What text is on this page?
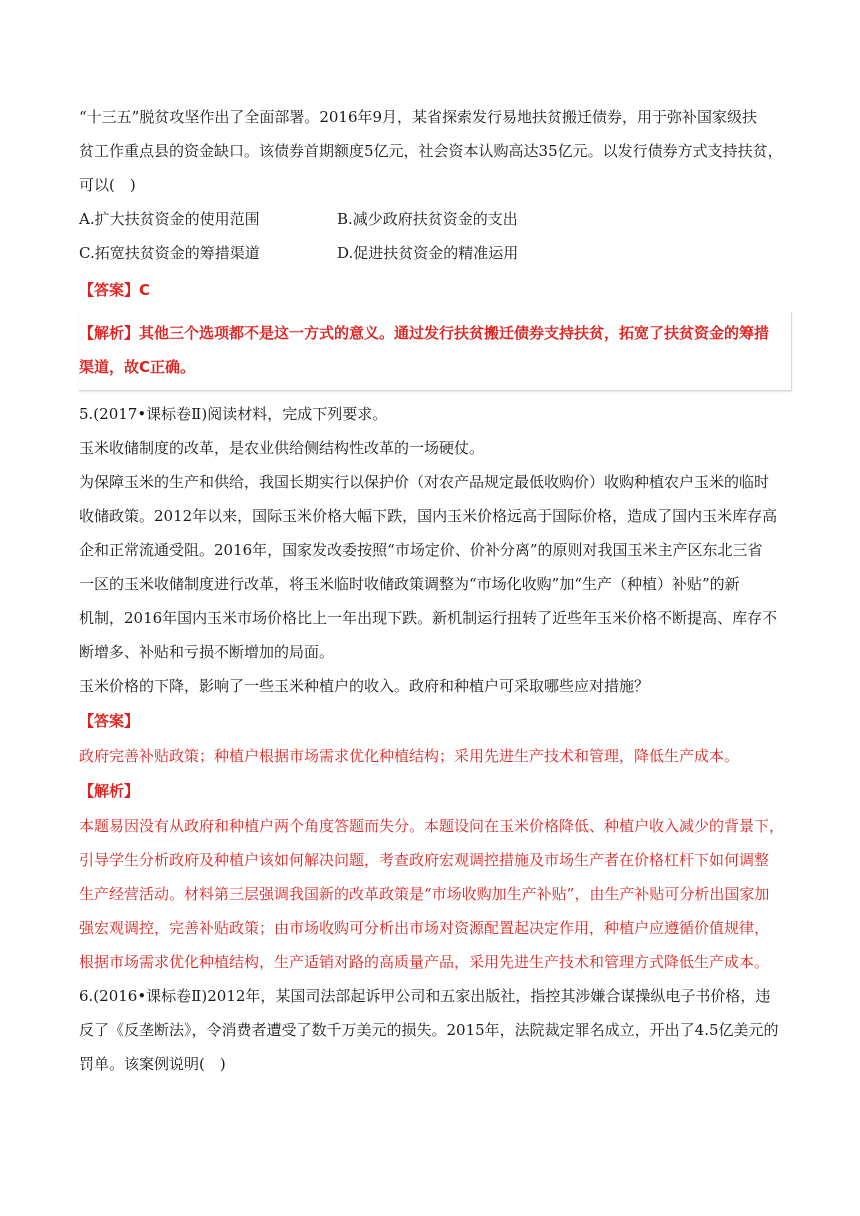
“十三五”脱贫攻坚作出了全面部署。2016年9月，某省探索发行易地扶贫搬迁债券，用于弥补国家级扶

贫工作重点县的资金缺口。该债券首期额度5亿元，社会资本认购高达35亿元。以发行债券方式支持扶贫，

可以(　)

A.扩大扶贫资金的使用范围	B.减少政府扶贫资金的支出
C.拓宽扶贫资金的筹措渠道	D.促进扶贫资金的精准运用

【答案】C

【解析】其他三个选项都不是这一方式的意义。通过发行扶贫搬迁债券支持扶贫，拓宽了扶贫资金的筹措

渠道，故C正确。

5.(2017•课标卷Ⅱ)阅读材料，完成下列要求。

玉米收储制度的改革，是农业供给侧结构性改革的一场硬仗。

为保障玉米的生产和供给，我国长期实行以保护价（对农产品规定最低收购价）收购种植农户玉米的临时

收储政策。2012年以来，国际玉米价格大幅下跌，国内玉米价格远高于国际价格，造成了国内玉米库存高

企和正常流通受阻。2016年，国家发改委按照“市场定价、价补分离”的原则对我国玉米主产区东北三省

一区的玉米收储制度进行改革，将玉米临时收储政策调整为“市场化收购”加“生产（种植）补贴”的新

机制，2016年国内玉米市场价格比上一年出现下跌。新机制运行扭转了近些年玉米价格不断提高、库存不

断增多、补贴和亏损不断增加的局面。

玉米价格的下降，影响了一些玉米种植户的收入。政府和种植户可采取哪些应对措施？

【答案】

政府完善补贴政策；种植户根据市场需求优化种植结构；采用先进生产技术和管理，降低生产成本。

【解析】

本题易因没有从政府和种植户两个角度答题而失分。本题设问在玉米价格降低、种植户收入减少的背景下，

引导学生分析政府及种植户该如何解决问题，考查政府宏观调控措施及市场生产者在价格杠杆下如何调整

生产经营活动。材料第三层强调我国新的改革政策是“市场收购加生产补贴”，由生产补贴可分析出国家加

强宏观调控，完善补贴政策；由市场收购可分析出市场对资源配置起决定作用，种植户应遵循价值规律，

根据市场需求优化种植结构，生产适销对路的高质量产品，采用先进生产技术和管理方式降低生产成本。

6.(2016•课标卷Ⅱ)2012年，某国司法部起诉甲公司和五家出版社，指控其涉嫌合谋操纵电子书价格，违

反了《反垄断法》，令消费者遭受了数千万美元的损失。2015年，法院裁定罪名成立，开出了4.5亿美元的

罚单。该案例说明(　)
